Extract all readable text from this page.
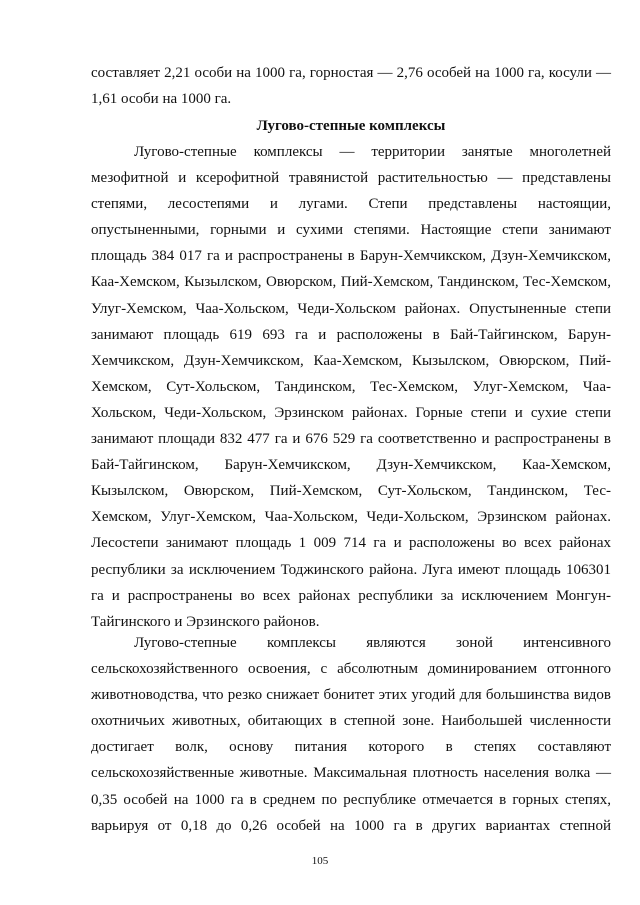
составляет 2,21 особи на 1000 га, горностая — 2,76 особей на 1000 га, косули — 1,61 особи на 1000 га.

Лугово-степные комплексы

Лугово-степные комплексы — территории занятые многолетней мезофитной и ксерофитной травянистой растительностью — представлены степями, лесостепями и лугами. Степи представлены настоящии, опустыненными, горными и сухими степями. Настоящие степи занимают площадь 384 017 га и распространены в Барун-Хемчикском, Дзун-Хемчикском, Каа-Хемском, Кызылском, Овюрском, Пий-Хемском, Тандинском, Тес-Хемском, Улуг-Хемском, Чаа-Хольском, Чеди-Хольском районах. Опустыненные степи занимают площадь 619 693 га и расположены в Бай-Тайгинском, Барун-Хемчикском, Дзун-Хемчикском, Каа-Хемском, Кызылском, Овюрском, Пий-Хемском, Сут-Хольском, Тандинском, Тес-Хемском, Улуг-Хемском, Чаа-Хольском, Чеди-Хольском, Эрзинском районах. Горные степи и сухие степи занимают площади 832 477 га и 676 529 га соответственно и распространены в Бай-Тайгинском, Барун-Хемчикском, Дзун-Хемчикском, Каа-Хемском, Кызылском, Овюрском, Пий-Хемском, Сут-Хольском, Тандинском, Тес-Хемском, Улуг-Хемском, Чаа-Хольском, Чеди-Хольском, Эрзинском районах. Лесостепи занимают площадь 1 009 714 га и расположены во всех районах республики за исключением Тоджинского района. Луга имеют площадь 106301 га и распространены во всех районах республики за исключением Монгун-Тайгинского и Эрзинского районов.

Лугово-степные комплексы являются зоной интенсивного сельскохозяйственного освоения, с абсолютным доминированием отгонного животноводства, что резко снижает бонитет этих угодий для большинства видов охотничьих животных, обитающих в степной зоне. Наибольшей численности достигает волк, основу питания которого в степях составляют сельскохозяйственные животные. Максимальная плотность населения волка — 0,35 особей на 1000 га в среднем по республике отмечается в горных степях, варьируя от 0,18 до 0,26 особей на 1000 га в других вариантах степной

105
